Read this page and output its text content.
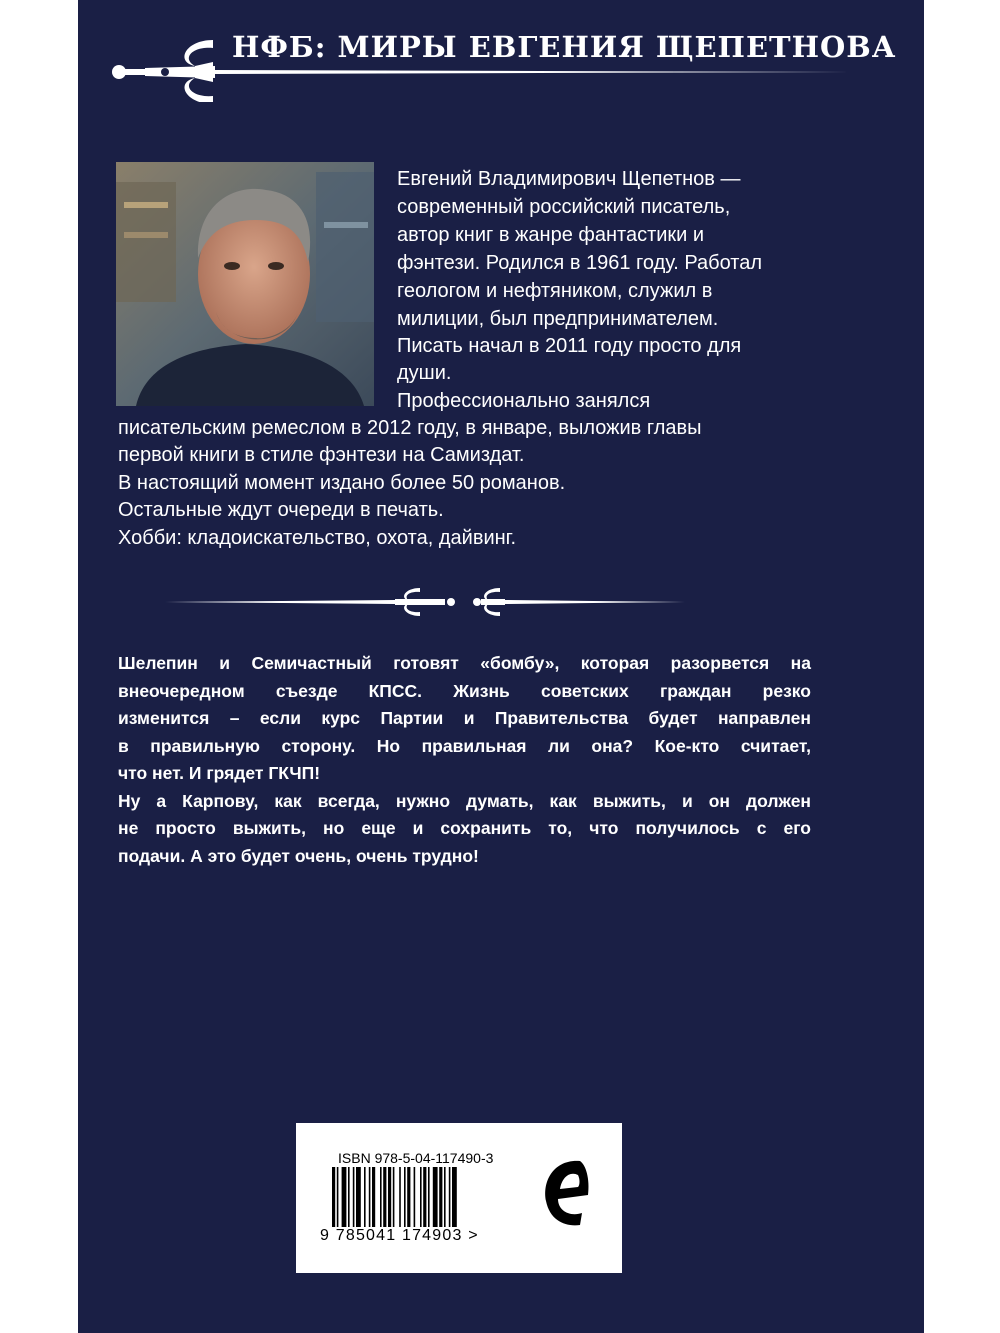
НФБ: МИРЫ ЕВГЕНИЯ ЩЕПЕТНОВА
Евгений Владимирович Щепетнов —
современный российский писатель,
автор книг в жанре фантастики и
фэнтези. Родился в 1961 году. Работал
геологом и нефтяником, служил в
милиции, был предпринимателем.
Писать начал в 2011 году просто для
души.
Профессионально занялся
писательским ремеслом в 2012 году, в январе, выложив главы
первой книги в стиле фэнтези на Самиздат.
В настоящий момент издано более 50 романов.
Остальные ждут очереди в печать.
Хобби: кладоискательство, охота, дайвинг.
Шелепин и Семичастный готовят «бомбу», которая разорвется на
внеочередном съезде КПСС. Жизнь советских граждан резко
изменится – если курс Партии и Правительства будет направлен
в правильную сторону. Но правильная ли она? Кое-кто считает,
что нет. И грядет ГКЧП!
Ну а Карпову, как всегда, нужно думать, как выжить, и он должен
не просто выжить, но еще и сохранить то, что получилось с его
подачи. А это будет очень, очень трудно!
ISBN 978-5-04-117490-3
9 785041 174903 >
